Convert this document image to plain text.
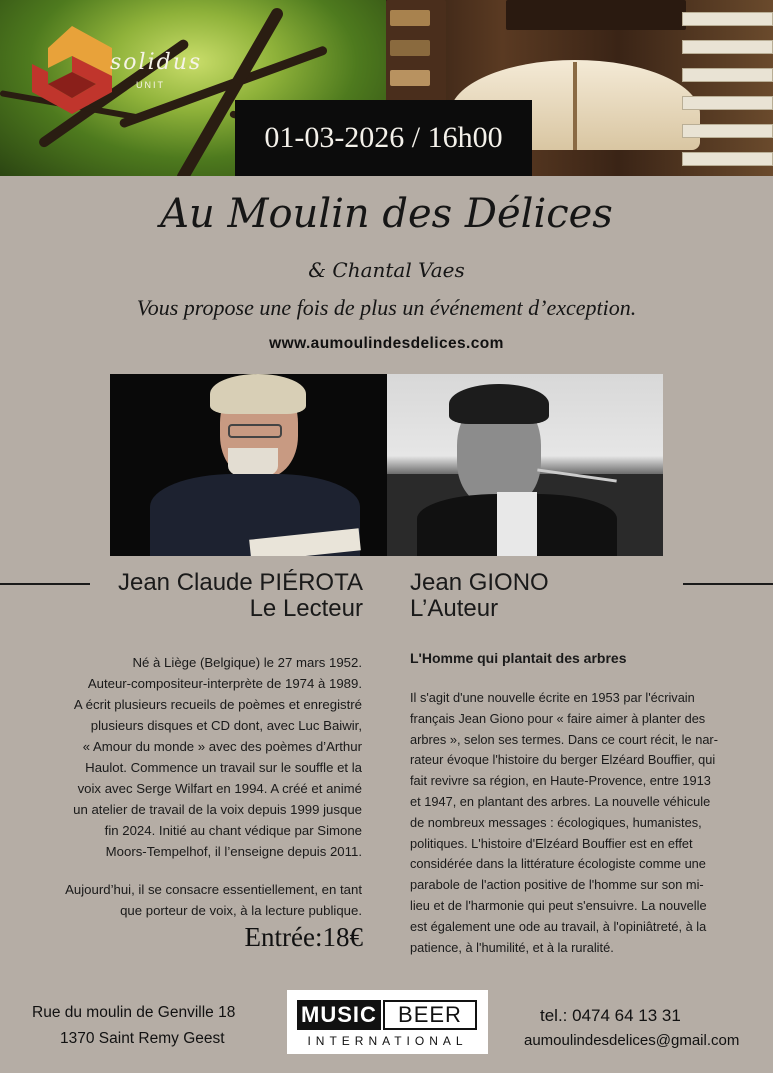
solidus
UNIT
01-03-2026 / 16h00
Au Moulin des Délices
& Chantal Vaes
Vous propose une fois de plus un événement d’exception.
www.aumoulindesdelices.com
Jean Claude PIÉROTA
Le Lecteur
Jean GIONO
L’Auteur

Né à Liège (Belgique) le 27 mars 1952.
Auteur-compositeur-interprète de 1974 à 1989.
A écrit plusieurs recueils de poèmes et enregistré
plusieurs disques et CD dont, avec Luc Baiwir,
« Amour du monde » avec des poèmes d’Arthur
Haulot. Commence un travail sur le souffle et la
voix avec Serge Wilfart en 1994. A créé et animé
un atelier de travail de la voix depuis 1999 jusque
fin 2024. Initié au chant védique par Simone
Moors-Tempelhof, il l’enseigne depuis 2011.

Aujourd’hui, il se consacre essentiellement, en tant
que porteur de voix, à la lecture publique.

Entrée:18€
L'Homme qui plantait des arbres
Il s'agit d'une nouvelle écrite en 1953 par l'écrivain
français Jean Giono pour « faire aimer à planter des
arbres », selon ses termes. Dans ce court récit, le nar-
rateur évoque l'histoire du berger Elzéard Bouffier, qui
fait revivre sa région, en Haute-Provence, entre 1913
et 1947, en plantant des arbres. La nouvelle véhicule
de nombreux messages : écologiques, humanistes,
politiques. L'histoire d'Elzéard Bouffier est en effet
considérée dans la littérature écologiste comme une
parabole de l'action positive de l'homme sur son mi-
lieu et de l'harmonie qui peut s'ensuivre. La nouvelle
est également une ode au travail, à l'opiniâtreté, à la
patience, à l'humilité, et à la ruralité.
Rue du moulin de Genville 18
1370 Saint Remy Geest
MUSIC BEER
INTERNATIONAL
tel.: 0474 64 13 31
aumoulindesdelices@gmail.com
